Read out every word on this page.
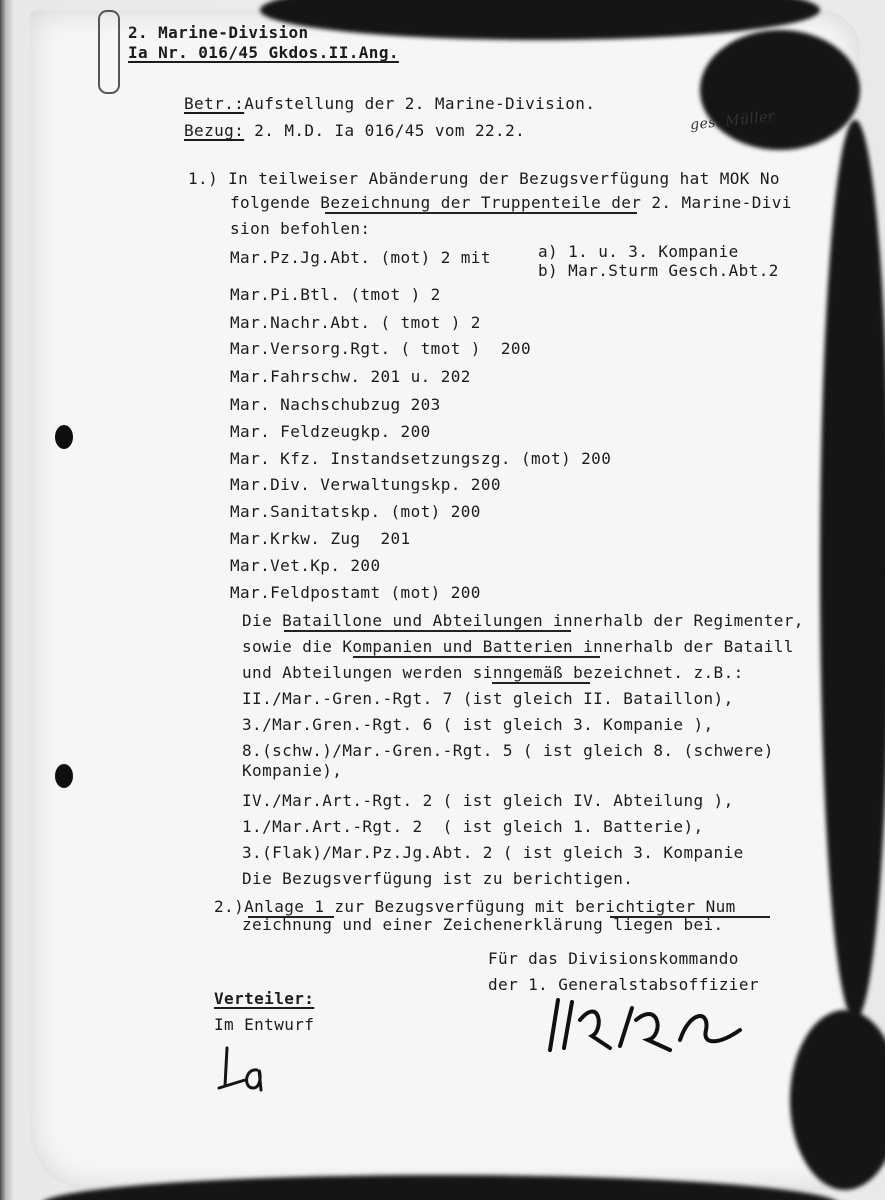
2. Marine-Division
Ia Nr. 016/45 Gkdos.II.Ang.
Betr.:Aufstellung der 2. Marine-Division.
Bezug: 2. M.D. Ia 016/45 vom 22.2.	ges. Müller
1.) In teilweiser Abänderung der Bezugsverfügung hat MOK No
folgende Bezeichnung der Truppenteile der 2. Marine-Divi
sion befohlen:
Mar.Pz.Jg.Abt. (mot) 2 mit	a) 1. u. 3. Kompanie
b) Mar.Sturm Gesch.Abt.2
Mar.Pi.Btl. (tmot ) 2
Mar.Nachr.Abt. ( tmot ) 2
Mar.Versorg.Rgt. ( tmot )  200
Mar.Fahrschw. 201 u. 202
Mar. Nachschubzug 203
Mar. Feldzeugkp. 200
Mar. Kfz. Instandsetzungszg. (mot) 200
Mar.Div. Verwaltungskp. 200
Mar.Sanitatskp. (mot) 200
Mar.Krkw. Zug  201
Mar.Vet.Kp. 200
Mar.Feldpostamt (mot) 200
Die Bataillone und Abteilungen innerhalb der Regimenter,
sowie die Kompanien und Batterien innerhalb der Bataill
und Abteilungen werden sinngemäß bezeichnet. z.B.:
II./Mar.-Gren.-Rgt. 7 (ist gleich II. Bataillon),
3./Mar.Gren.-Rgt. 6 ( ist gleich 3. Kompanie ),
8.(schw.)/Mar.-Gren.-Rgt. 5 ( ist gleich 8. (schwere)
Kompanie),
IV./Mar.Art.-Rgt. 2 ( ist gleich IV. Abteilung ),
1./Mar.Art.-Rgt. 2  ( ist gleich 1. Batterie),
3.(Flak)/Mar.Pz.Jg.Abt. 2 ( ist gleich 3. Kompanie
Die Bezugsverfügung ist zu berichtigen.
2.)Anlage 1 zur Bezugsverfügung mit berichtigter Num
zeichnung und einer Zeichenerklärung liegen bei.
Für das Divisionskommando
der 1. Generalstabsoffizier
Verteiler:
Im Entwurf
